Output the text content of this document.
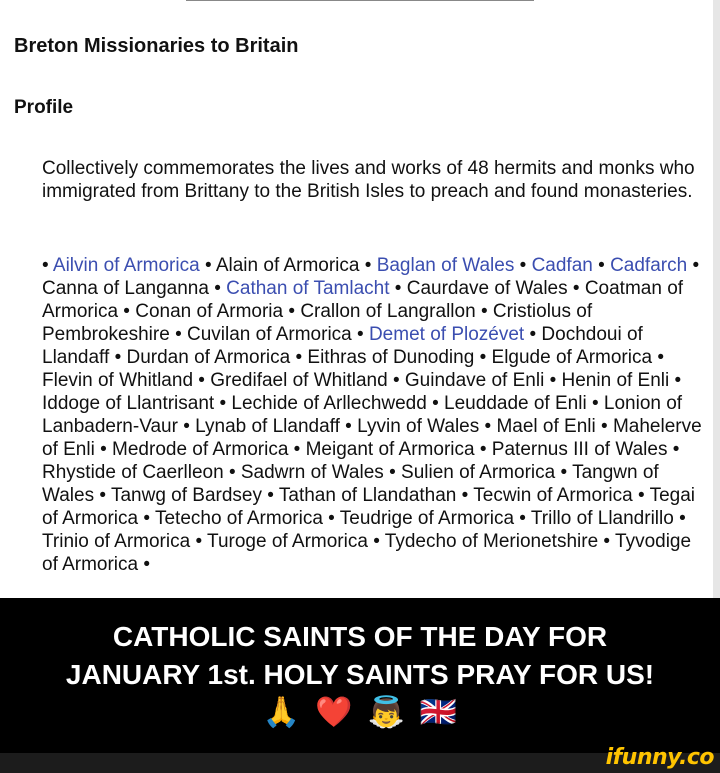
Breton Missionaries to Britain
Profile

Collectively commemorates the lives and works of 48 hermits and monks who immigrated from Brittany to the British Isles to preach and found monasteries.

• Ailvin of Armorica • Alain of Armorica • Baglan of Wales • Cadfan • Cadfarch • Canna of Langanna • Cathan of Tamlacht • Caurdave of Wales • Coatman of Armorica • Conan of Armoria • Crallon of Langrallon • Cristiolus of Pembrokeshire • Cuvilan of Armorica • Demet of Plozévet • Dochdoui of Llandaff • Durdan of Armorica • Eithras of Dunoding • Elgude of Armorica • Flevin of Whitland • Gredifael of Whitland • Guindave of Enli • Henin of Enli • Iddoge of Llantrisant • Lechide of Arllechwedd • Leuddade of Enli • Lonion of Lanbadern-Vaur • Lynab of Llandaff • Lyvin of Wales • Mael of Enli • Mahelerve of Enli • Medrode of Armorica • Meigant of Armorica • Paternus III of Wales • Rhystide of Caerlleon • Sadwrn of Wales • Sulien of Armorica • Tangwn of Wales • Tanwg of Bardsey • Tathan of Llandathan • Tecwin of Armorica • Tegai of Armorica • Tetecho of Armorica • Teudrige of Armorica • Trillo of Llandrillo • Trinio of Armorica • Turoge of Armorica • Tydecho of Merionetshire • Tyvodige of Armorica •

CATHOLIC SAINTS OF THE DAY FOR
JANUARY 1st. HOLY SAINTS PRAY FOR US!

🙏 ❤️ 👼 🇬🇧
ifunny.co
